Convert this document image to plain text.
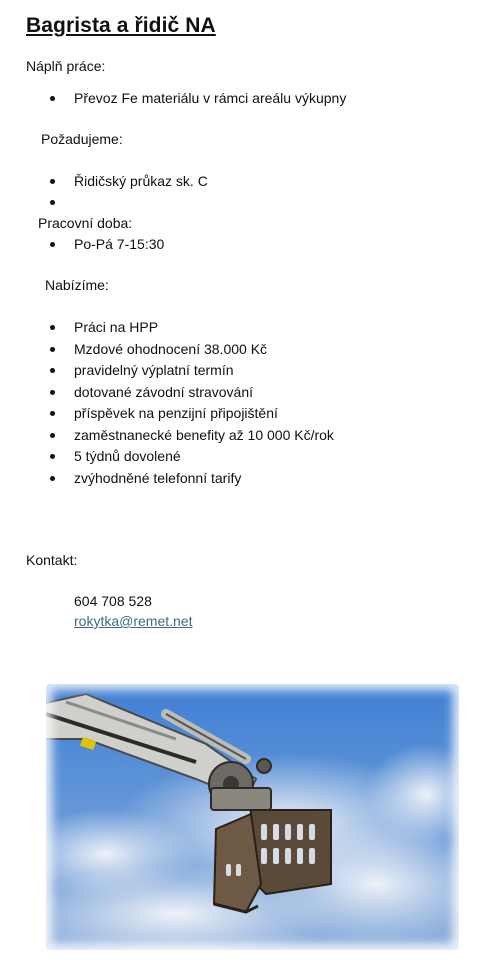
Bagrista a řidič NA
Náplň práce:
Převoz Fe materiálu v rámci areálu výkupny
Požadujeme:
Řidičský průkaz sk. C
Pracovní doba:
Po-Pá 7-15:30
Nabízíme:
Práci na HPP
Mzdové ohodnocení 38.000 Kč
pravidelný výplatní termín
dotované závodní stravování
příspěvek na penzijní připojištění
zaměstnanecké benefity až 10 000 Kč/rok
5 týdnů dovolené
zvýhodněné telefonní tarify
Kontakt:
604 708 528
rokytka@remet.net
